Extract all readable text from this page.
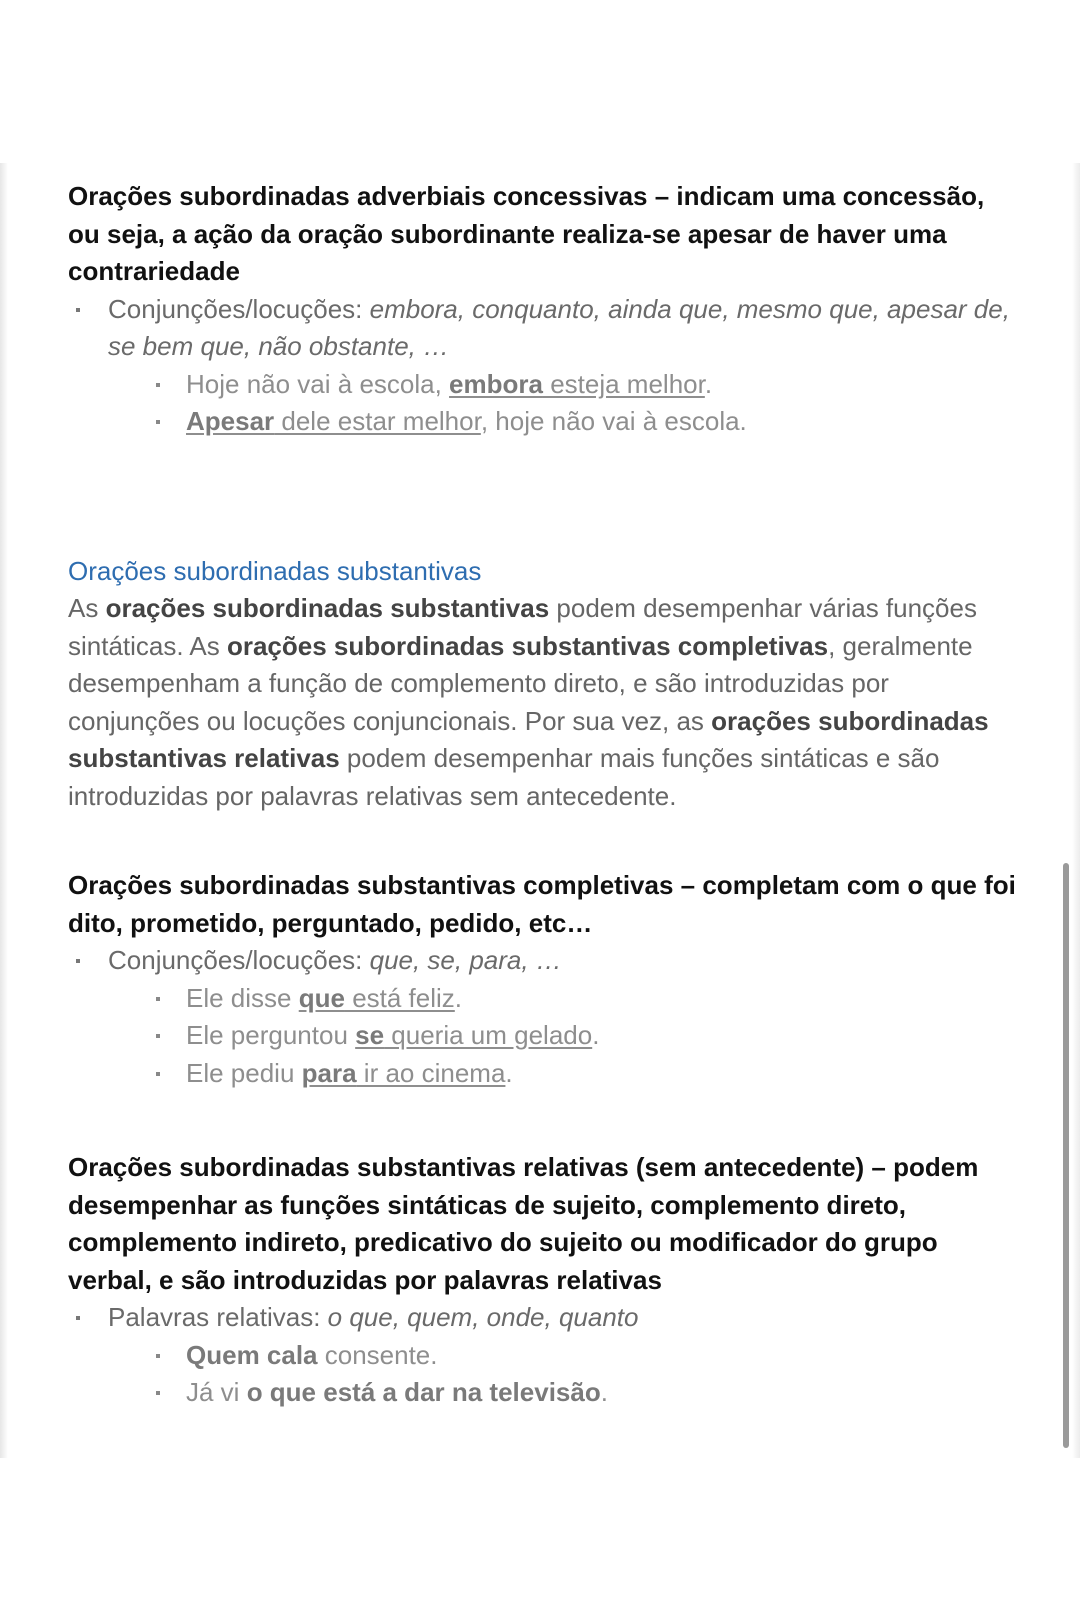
Orações subordinadas adverbiais concessivas – indicam uma concessão, ou seja, a ação da oração subordinante realiza-se apesar de haver uma contrariedade

Conjunções/locuções: embora, conquanto, ainda que, mesmo que, apesar de, se bem que, não obstante, …
Hoje não vai à escola, embora esteja melhor.
Apesar dele estar melhor, hoje não vai à escola.

Orações subordinadas substantivas

As orações subordinadas substantivas podem desempenhar várias funções sintáticas. As orações subordinadas substantivas completivas, geralmente desempenham a função de complemento direto, e são introduzidas por conjunções ou locuções conjuncionais. Por sua vez, as orações subordinadas substantivas relativas podem desempenhar mais funções sintáticas e são introduzidas por palavras relativas sem antecedente.

Orações subordinadas substantivas completivas – completam com o que foi dito, prometido, perguntado, pedido, etc…

Conjunções/locuções: que, se, para, …
Ele disse que está feliz.
Ele perguntou se queria um gelado.
Ele pediu para ir ao cinema.

Orações subordinadas substantivas relativas (sem antecedente) – podem desempenhar as funções sintáticas de sujeito, complemento direto, complemento indireto, predicativo do sujeito ou modificador do grupo verbal, e são introduzidas por palavras relativas

Palavras relativas: o que, quem, onde, quanto
Quem cala consente.
Já vi o que está a dar na televisão.
